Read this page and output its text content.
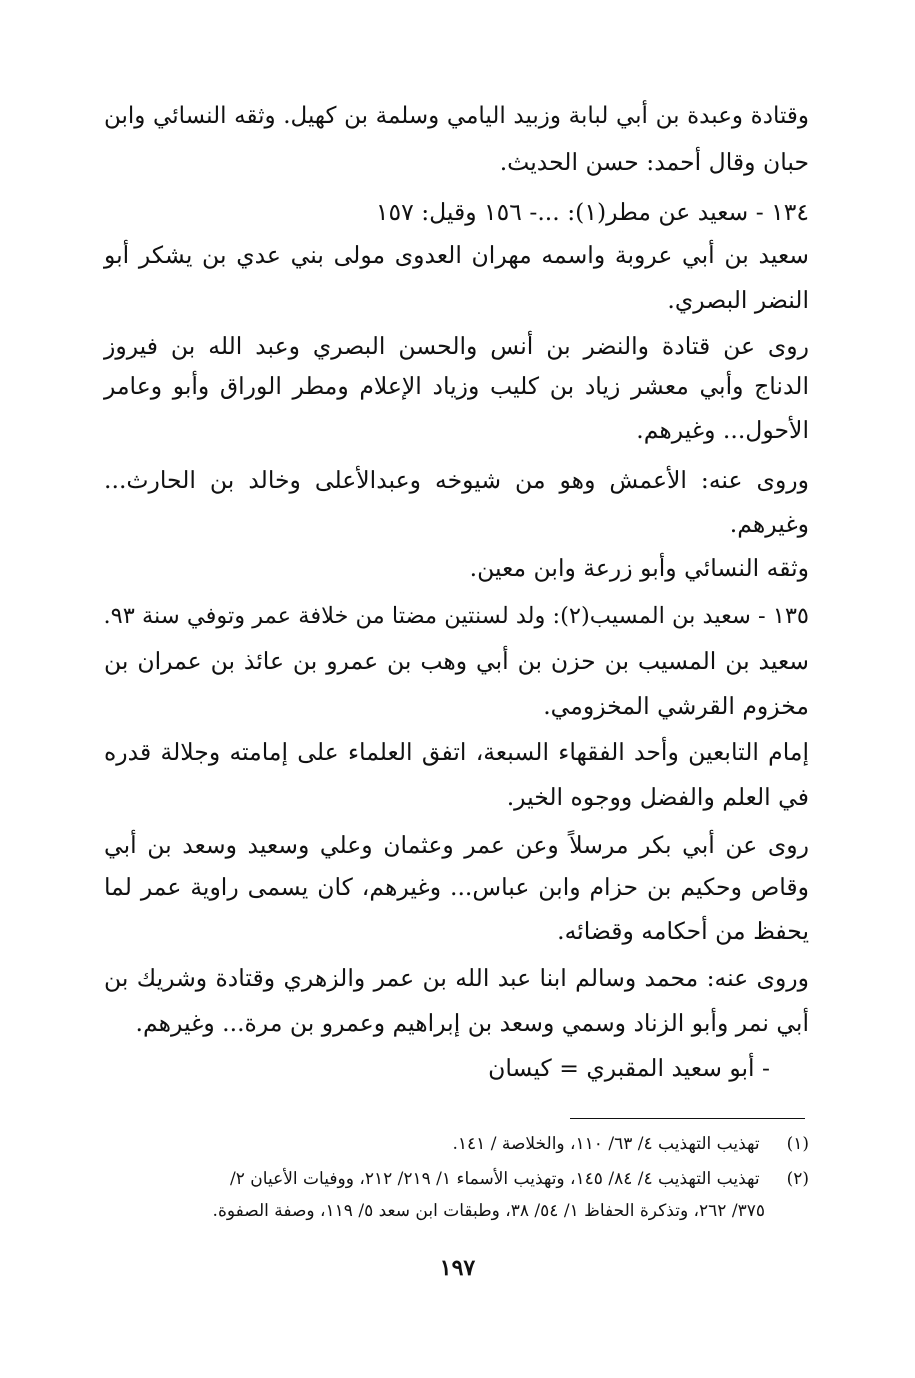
وقتادة وعبدة بن أبي لبابة وزبيد اليامي وسلمة بن كهيل. وثقه النسائي وابن
حبان وقال أحمد: حسن الحديث.
١٣٤ - سعيد عن مطر(١): ...- ١٥٦ وقيل: ١٥٧
سعيد بن أبي عروبة واسمه مهران العدوى مولى بني عدي بن يشكر أبو
النضر البصري.
روى عن قتادة والنضر بن أنس والحسن البصري وعبد الله بن فيروز
الدناج وأبي معشر زياد بن كليب وزياد الإعلام ومطر الوراق وأبو وعامر
الأحول... وغيرهم.
وروى عنه: الأعمش وهو من شيوخه وعبدالأعلى وخالد بن الحارث...
وغيرهم.
وثقه النسائي وأبو زرعة وابن معين.
١٣٥ - سعيد بن المسيب(٢): ولد لسنتين مضتا من خلافة عمر وتوفي سنة ٩٣.
سعيد بن المسيب بن حزن بن أبي وهب بن عمرو بن عائذ بن عمران بن
مخزوم القرشي المخزومي.
إمام التابعين وأحد الفقهاء السبعة، اتفق العلماء على إمامته وجلالة قدره
في العلم والفضل ووجوه الخير.
روى عن أبي بكر مرسلاً وعن عمر وعثمان وعلي وسعيد وسعد بن أبي
وقاص وحكيم بن حزام وابن عباس... وغيرهم، كان يسمى راوية عمر لما
يحفظ من أحكامه وقضائه.
وروى عنه: محمد وسالم ابنا عبد الله بن عمر والزهري وقتادة وشريك بن
أبي نمر وأبو الزناد وسمي وسعد بن إبراهيم وعمرو بن مرة... وغيرهم.
- أبو سعيد المقبري = كيسان
(١) تهذيب التهذيب ٤/ ٦٣/ ١١٠، والخلاصة / ١٤١.
(٢) تهذيب التهذيب ٤/ ٨٤/ ١٤٥، وتهذيب الأسماء ١/ ٢١٩/ ٢١٢، ووفيات الأعيان ٢/
٣٧٥/ ٢٦٢، وتذكرة الحفاظ ١/ ٥٤/ ٣٨، وطبقات ابن سعد ٥/ ١١٩، وصفة الصفوة.
١٩٧
